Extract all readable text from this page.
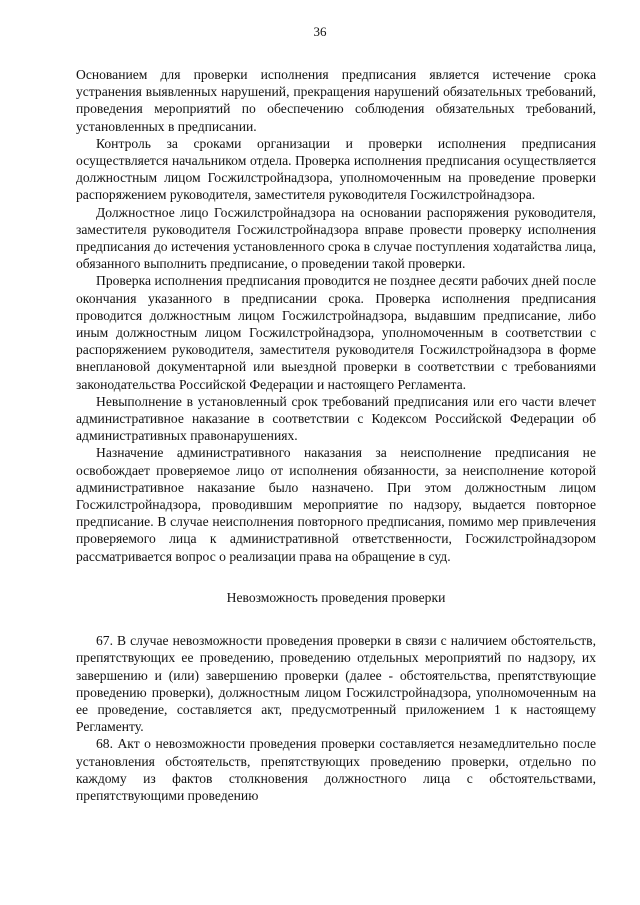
36

Основанием для проверки исполнения предписания является истечение срока устранения выявленных нарушений, прекращения нарушений обязательных требований, проведения мероприятий по обеспечению соблюдения обязательных требований, установленных в предписании.

Контроль за сроками организации и проверки исполнения предписания осуществляется начальником отдела. Проверка исполнения предписания осуществляется должностным лицом Госжилстройнадзора, уполномоченным на проведение проверки распоряжением руководителя, заместителя руководителя Госжилстройнадзора.

Должностное лицо Госжилстройнадзора на основании распоряжения руководителя, заместителя руководителя Госжилстройнадзора вправе провести проверку исполнения предписания до истечения установленного срока в случае поступления ходатайства лица, обязанного выполнить предписание, о проведении такой проверки.

Проверка исполнения предписания проводится не позднее десяти рабочих дней после окончания указанного в предписании срока. Проверка исполнения предписания проводится должностным лицом Госжилстройнадзора, выдавшим предписание, либо иным должностным лицом Госжилстройнадзора, уполномоченным в соответствии с распоряжением руководителя, заместителя руководителя Госжилстройнадзора в форме внеплановой документарной или выездной проверки в соответствии с требованиями законодательства Российской Федерации и настоящего Регламента.

Невыполнение в установленный срок требований предписания или его части влечет административное наказание в соответствии с Кодексом Российской Федерации об административных правонарушениях.

Назначение административного наказания за неисполнение предписания не освобождает проверяемое лицо от исполнения обязанности, за неисполнение которой административное наказание было назначено. При этом должностным лицом Госжилстройнадзора, проводившим мероприятие по надзору, выдается повторное предписание. В случае неисполнения повторного предписания, помимо мер привлечения проверяемого лица к административной ответственности, Госжилстройнадзором рассматривается вопрос о реализации права на обращение в суд.

Невозможность проведения проверки

67. В случае невозможности проведения проверки в связи с наличием обстоятельств, препятствующих ее проведению, проведению отдельных мероприятий по надзору, их завершению и (или) завершению проверки (далее - обстоятельства, препятствующие проведению проверки), должностным лицом Госжилстройнадзора, уполномоченным на ее проведение, составляется акт, предусмотренный приложением 1 к настоящему Регламенту.

68. Акт о невозможности проведения проверки составляется незамедлительно после установления обстоятельств, препятствующих проведению проверки, отдельно по каждому из фактов столкновения должностного лица с обстоятельствами, препятствующими проведению
